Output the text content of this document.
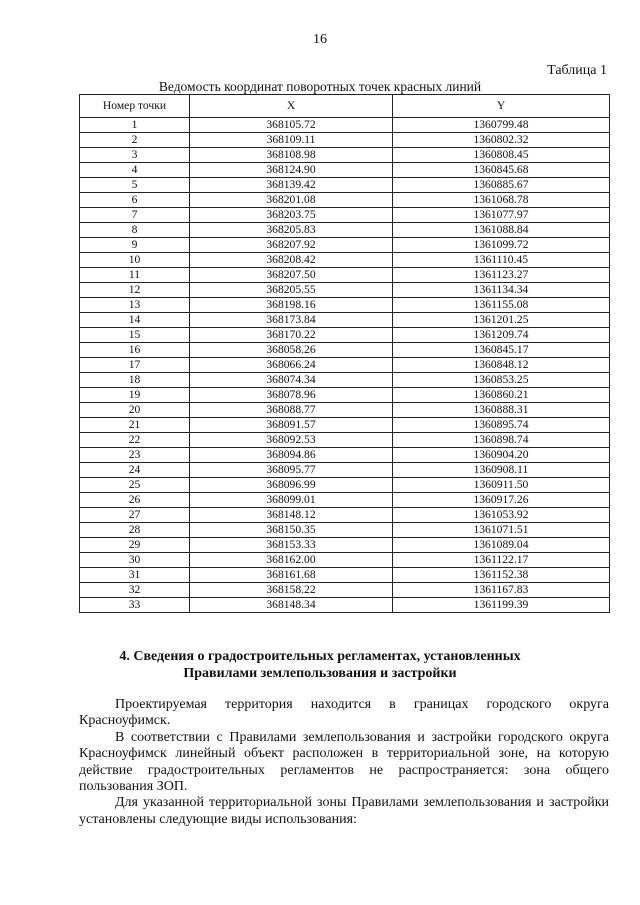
16
Таблица 1
Ведомость координат поворотных точек красных линий
Номер точки	X	Y
1	368105.72	1360799.48
2	368109.11	1360802.32
3	368108.98	1360808.45
4	368124.90	1360845.68
5	368139.42	1360885.67
6	368201.08	1361068.78
7	368203.75	1361077.97
8	368205.83	1361088.84
9	368207.92	1361099.72
10	368208.42	1361110.45
11	368207.50	1361123.27
12	368205.55	1361134.34
13	368198.16	1361155.08
14	368173.84	1361201.25
15	368170.22	1361209.74
16	368058.26	1360845.17
17	368066.24	1360848.12
18	368074.34	1360853.25
19	368078.96	1360860.21
20	368088.77	1360888.31
21	368091.57	1360895.74
22	368092.53	1360898.74
23	368094.86	1360904.20
24	368095.77	1360908.11
25	368096.99	1360911.50
26	368099.01	1360917.26
27	368148.12	1361053.92
28	368150.35	1361071.51
29	368153.33	1361089.04
30	368162.00	1361122.17
31	368161.68	1361152.38
32	368158.22	1361167.83
33	368148.34	1361199.39
4. Сведения о градостроительных регламентах, установленных
Правилами землепользования и застройки

Проектируемая территория находится в границах городского округа Красноуфимск.

В соответствии с Правилами землепользования и застройки городского округа Красноуфимск линейный объект расположен в территориальной зоне, на которую действие градостроительных регламентов не распространяется: зона общего пользования ЗОП.

Для указанной территориальной зоны Правилами землепользования и застройки установлены следующие виды использования:
